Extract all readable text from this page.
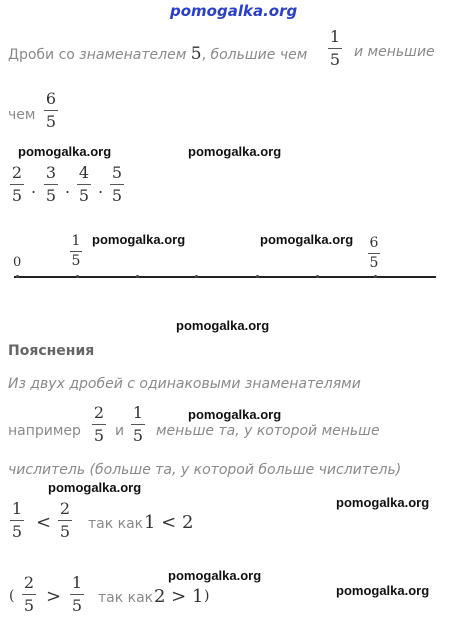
pomogalka.org
Дроби со знаменателем 5, большие чем
1
5 и меньшие
чем
6
5
pomogalka.org	pomogalka.org
2
5 .
3
5 .
4
5 .
5
5
pomogalka.org	pomogalka.org
1
5
6
5
0
pomogalka.org
Пояснения
Из двух дробей с одинаковыми знаменателями
например
2
5 и
1
5
pomogalka.org
меньше та, у которой меньше
числитель (больше та, у которой больше числитель)
pomogalka.org
pomogalka.org
1
5 <
2
5 так как 1 < 2
pomogalka.org
pomogalka.org
(
2
5 >
1
5 так как 2 > 1 )
